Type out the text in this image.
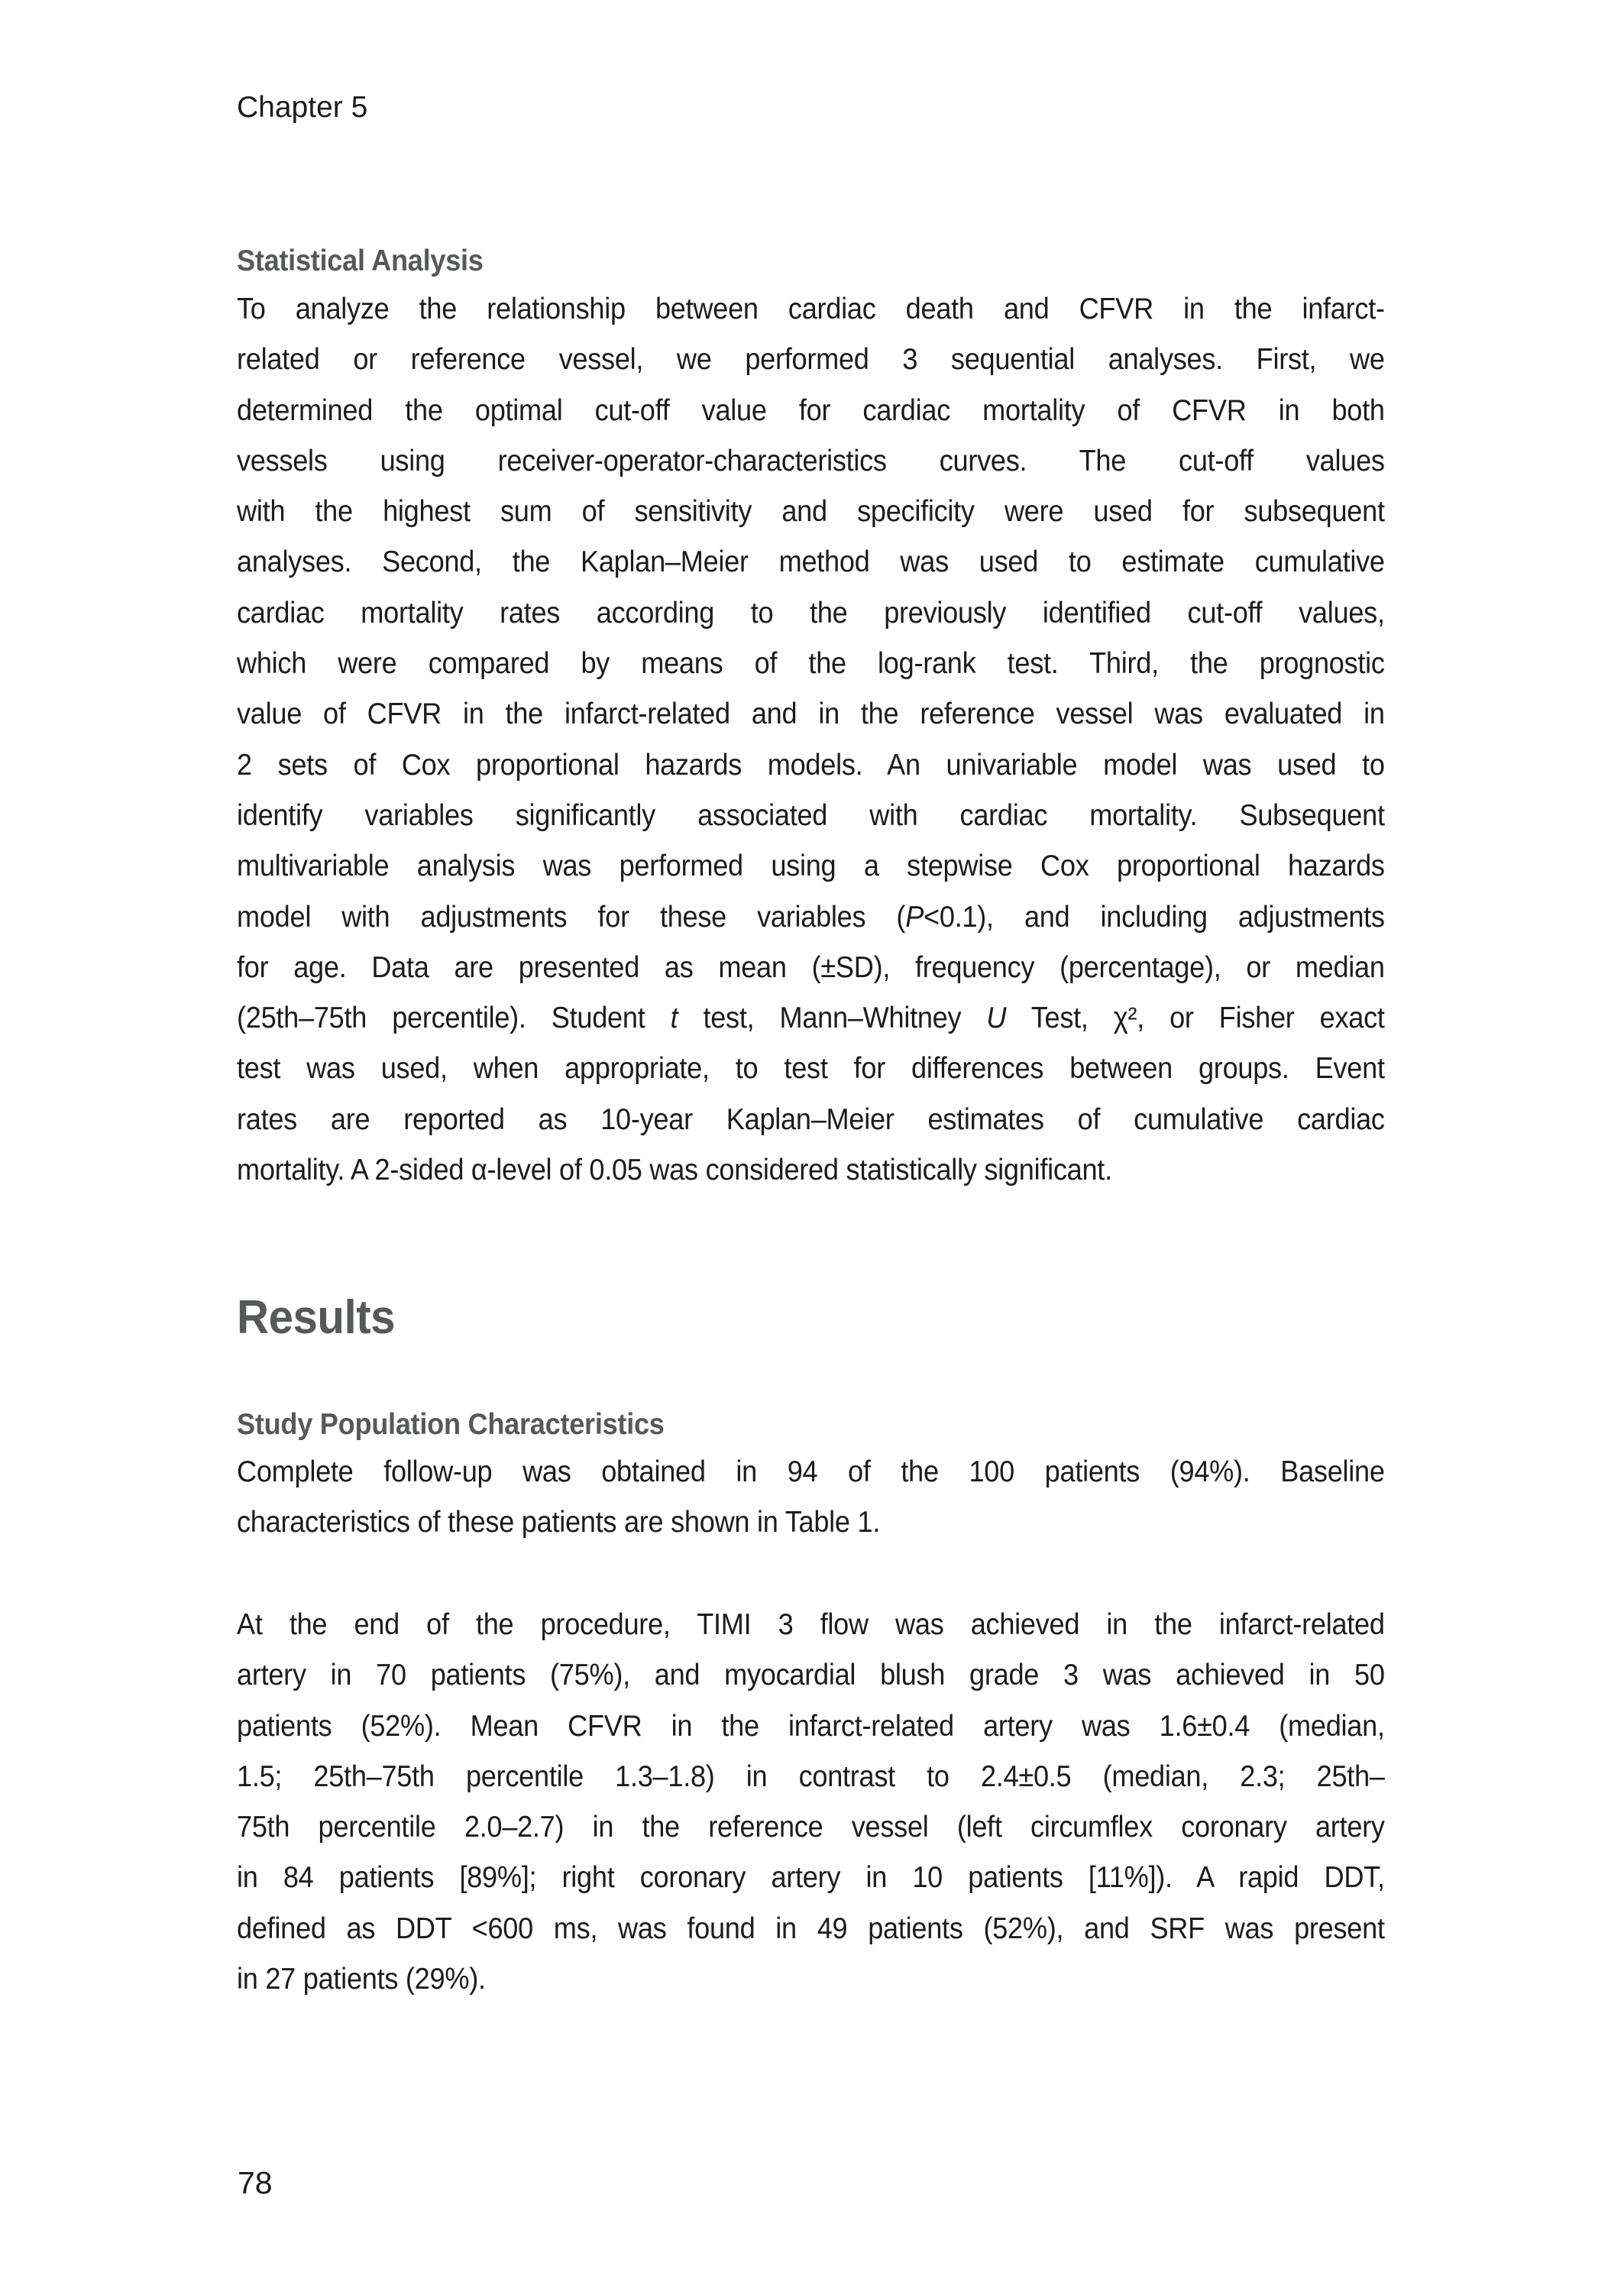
Chapter 5
Statistical Analysis
To analyze the relationship between cardiac death and CFVR in the infarct-
related or reference vessel, we performed 3 sequential analyses. First, we
determined the optimal cut-off value for cardiac mortality of CFVR in both
vessels using receiver-operator-characteristics curves. The cut-off values
with the highest sum of sensitivity and specificity were used for subsequent
analyses. Second, the Kaplan–Meier method was used to estimate cumulative
cardiac mortality rates according to the previously identified cut-off values,
which were compared by means of the log-rank test. Third, the prognostic
value of CFVR in the infarct-related and in the reference vessel was evaluated in
2 sets of Cox proportional hazards models. An univariable model was used to
identify variables significantly associated with cardiac mortality. Subsequent
multivariable analysis was performed using a stepwise Cox proportional hazards
model with adjustments for these variables (P<0.1), and including adjustments
for age. Data are presented as mean (±SD), frequency (percentage), or median
(25th–75th percentile). Student t test, Mann–Whitney U Test, χ², or Fisher exact
test was used, when appropriate, to test for differences between groups. Event
rates are reported as 10-year Kaplan–Meier estimates of cumulative cardiac
mortality. A 2-sided α-level of 0.05 was considered statistically significant.
Results
Study Population Characteristics
Complete follow-up was obtained in 94 of the 100 patients (94%). Baseline
characteristics of these patients are shown in Table 1.
At the end of the procedure, TIMI 3 flow was achieved in the infarct-related
artery in 70 patients (75%), and myocardial blush grade 3 was achieved in 50
patients (52%). Mean CFVR in the infarct-related artery was 1.6±0.4 (median,
1.5; 25th–75th percentile 1.3–1.8) in contrast to 2.4±0.5 (median, 2.3; 25th–
75th percentile 2.0–2.7) in the reference vessel (left circumflex coronary artery
in 84 patients [89%]; right coronary artery in 10 patients [11%]). A rapid DDT,
defined as DDT <600 ms, was found in 49 patients (52%), and SRF was present
in 27 patients (29%).
78
